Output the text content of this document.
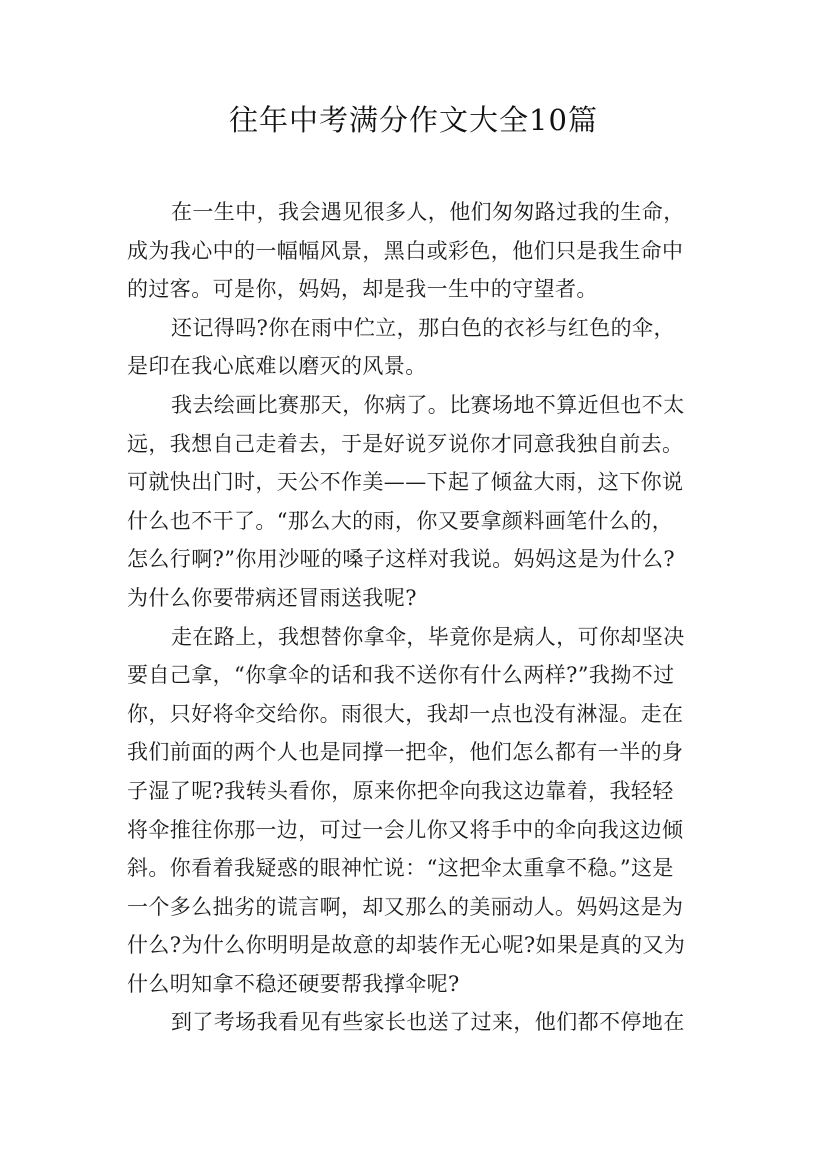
往年中考满分作文大全10篇
在一生中，我会遇见很多人，他们匆匆路过我的生命，
成为我心中的一幅幅风景，黑白或彩色，他们只是我生命中
的过客。可是你，妈妈，却是我一生中的守望者。
还记得吗?你在雨中伫立，那白色的衣衫与红色的伞，
是印在我心底难以磨灭的风景。
我去绘画比赛那天，你病了。比赛场地不算近但也不太
远，我想自己走着去，于是好说歹说你才同意我独自前去。
可就快出门时，天公不作美——下起了倾盆大雨，这下你说
什么也不干了。“那么大的雨，你又要拿颜料画笔什么的，
怎么行啊?”你用沙哑的嗓子这样对我说。妈妈这是为什么?
为什么你要带病还冒雨送我呢?
走在路上，我想替你拿伞，毕竟你是病人，可你却坚决
要自己拿，“你拿伞的话和我不送你有什么两样?”我拗不过
你，只好将伞交给你。雨很大，我却一点也没有淋湿。走在
我们前面的两个人也是同撑一把伞，他们怎么都有一半的身
子湿了呢?我转头看你，原来你把伞向我这边靠着，我轻轻
将伞推往你那一边，可过一会儿你又将手中的伞向我这边倾
斜。你看着我疑惑的眼神忙说：“这把伞太重拿不稳。”这是
一个多么拙劣的谎言啊，却又那么的美丽动人。妈妈这是为
什么?为什么你明明是故意的却装作无心呢?如果是真的又为
什么明知拿不稳还硬要帮我撑伞呢?
到了考场我看见有些家长也送了过来，他们都不停地在
